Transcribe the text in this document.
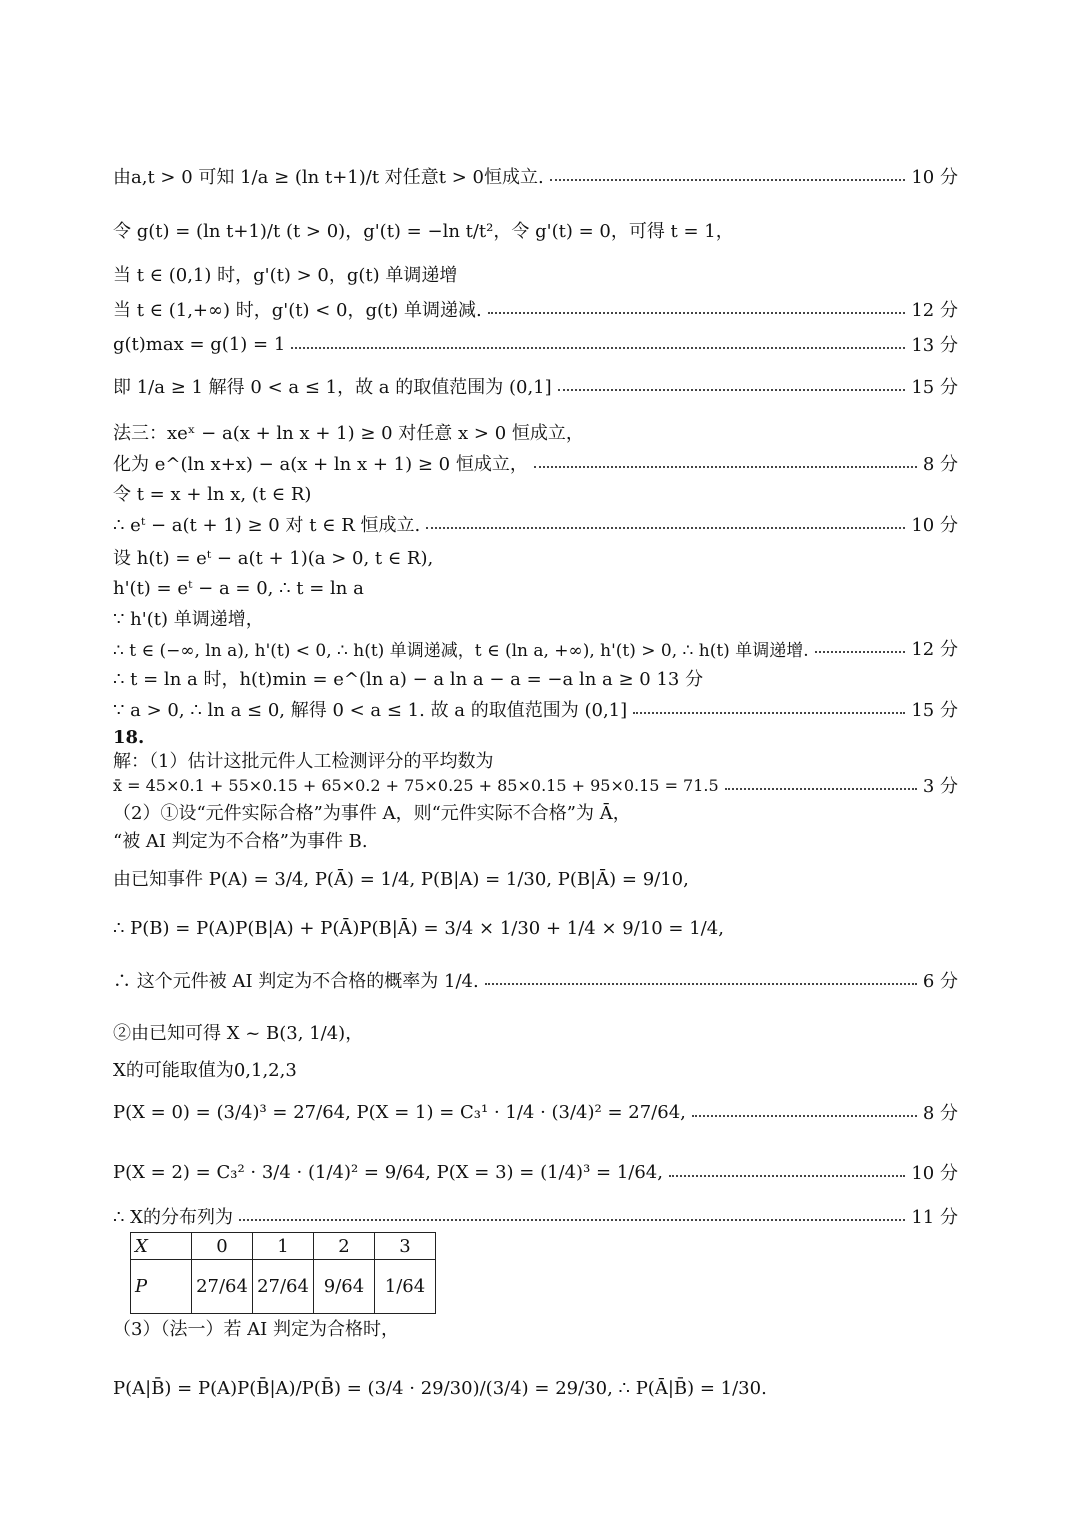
由a,t > 0 可知 1/a ≥ (ln t+1)/t 对任意t > 0恒成立.	10 分
令 g(t) = (ln t+1)/t (t > 0)，g'(t) = −ln t/t²，令 g'(t) = 0，可得 t = 1，
当 t ∈ (0,1) 时，g'(t) > 0，g(t) 单调递增
当 t ∈ (1,+∞) 时，g'(t) < 0，g(t) 单调递减.	12 分
g(t)max = g(1) = 1	13 分
即 1/a ≥ 1 解得 0 < a ≤ 1，故 a 的取值范围为 (0,1]	15 分
法三：xeˣ − a(x + ln x + 1) ≥ 0 对任意 x > 0 恒成立，
化为 e^(ln x+x) − a(x + ln x + 1) ≥ 0 恒成立，	8 分
令 t = x + ln x, (t ∈ R)
∴ eᵗ − a(t + 1) ≥ 0 对 t ∈ R 恒成立.	10 分
设 h(t) = eᵗ − a(t + 1)(a > 0, t ∈ R),
h'(t) = eᵗ − a = 0, ∴ t = ln a
∵ h'(t) 单调递增，
∴ t ∈ (−∞, ln a), h'(t) < 0, ∴ h(t) 单调递减，t ∈ (ln a, +∞), h'(t) > 0, ∴ h(t) 单调递增.	12 分
∴ t = ln a 时，h(t)min = e^(ln a) − a ln a − a = −a ln a ≥ 0 13 分
∵ a > 0, ∴ ln a ≤ 0, 解得 0 < a ≤ 1. 故 a 的取值范围为 (0,1]	15 分
18.
解：（1）估计这批元件人工检测评分的平均数为
x̄ = 45×0.1 + 55×0.15 + 65×0.2 + 75×0.25 + 85×0.15 + 95×0.15 = 71.5	3 分
（2）①设“元件实际合格”为事件 A，则“元件实际不合格”为 Ā，
“被 AI 判定为不合格”为事件 B.
由已知事件 P(A) = 3/4, P(Ā) = 1/4, P(B|A) = 1/30, P(B|Ā) = 9/10,
∴ P(B) = P(A)P(B|A) + P(Ā)P(B|Ā) = 3/4 × 1/30 + 1/4 × 9/10 = 1/4,
∴ 这个元件被 AI 判定为不合格的概率为 1/4.	6 分
②由已知可得 X ~ B(3, 1/4)，
X的可能取值为0,1,2,3
P(X = 0) = (3/4)³ = 27/64, P(X = 1) = C₃¹ · 1/4 · (3/4)² = 27/64,	8 分
P(X = 2) = C₃² · 3/4 · (1/4)² = 9/64, P(X = 3) = (1/4)³ = 1/64,	10 分
∴ X的分布列为	11 分
X	0	1	2	3
P	27/64	27/64	9/64	1/64
（3）（法一）若 AI 判定为合格时，
P(A|B̄) = P(A)P(B̄|A)/P(B̄) = (3/4 · 29/30)/(3/4) = 29/30, ∴ P(Ā|B̄) = 1/30.
